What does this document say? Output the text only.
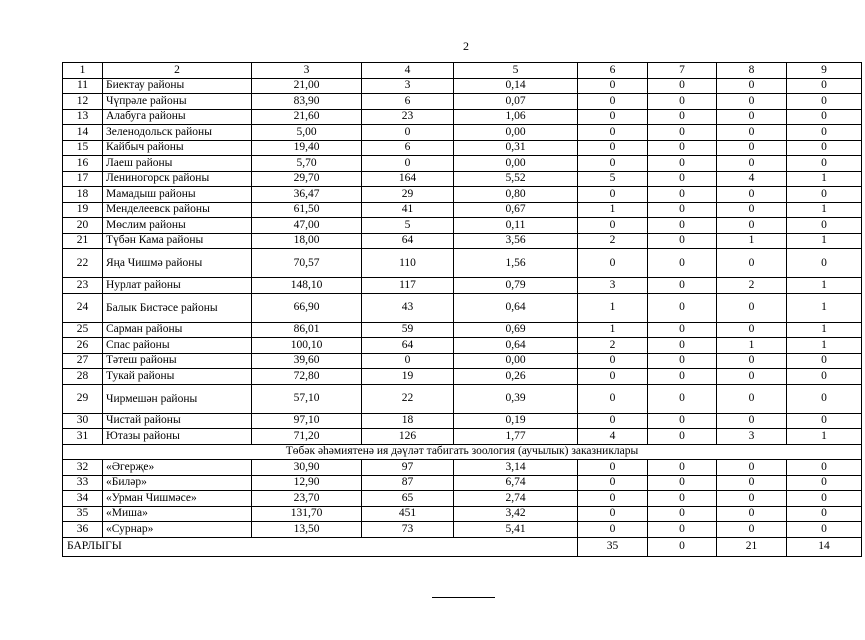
2
1	2	3	4	5	6	7	8	9
11	Биектау районы	21,00	3	0,14	0	0	0	0
12	Чүпрәле районы	83,90	6	0,07	0	0	0	0
13	Алабуга районы	21,60	23	1,06	0	0	0	0
14	Зеленодольск районы	5,00	0	0,00	0	0	0	0
15	Кайбыч районы	19,40	6	0,31	0	0	0	0
16	Лаеш районы	5,70	0	0,00	0	0	0	0
17	Лениногорск районы	29,70	164	5,52	5	0	4	1
18	Мамадыш районы	36,47	29	0,80	0	0	0	0
19	Менделеевск районы	61,50	41	0,67	1	0	0	1
20	Мөслим районы	47,00	5	0,11	0	0	0	0
21	Түбән Кама районы	18,00	64	3,56	2	0	1	1
22	Яңа Чишмә районы	70,57	110	1,56	0	0	0	0
23	Нурлат районы	148,10	117	0,79	3	0	2	1
24	Балык Бистәсе районы	66,90	43	0,64	1	0	0	1
25	Сарман районы	86,01	59	0,69	1	0	0	1
26	Спас районы	100,10	64	0,64	2	0	1	1
27	Тәтеш районы	39,60	0	0,00	0	0	0	0
28	Тукай районы	72,80	19	0,26	0	0	0	0
29	Чирмешән районы	57,10	22	0,39	0	0	0	0
30	Чистай районы	97,10	18	0,19	0	0	0	0
31	Ютазы районы	71,20	126	1,77	4	0	3	1
Төбәк әһәмиятенә ия дәүләт табигать зоология (аучылык) заказниклары								
32	«Әгерҗе»	30,90	97	3,14	0	0	0	0
33	«Биләр»	12,90	87	6,74	0	0	0	0
34	«Урман Чишмәсе»	23,70	65	2,74	0	0	0	0
35	«Миша»	131,70	451	3,42	0	0	0	0
36	«Сурнар»	13,50	73	5,41	0	0	0	0
БАРЛЫГЫ					35	0	21	14
